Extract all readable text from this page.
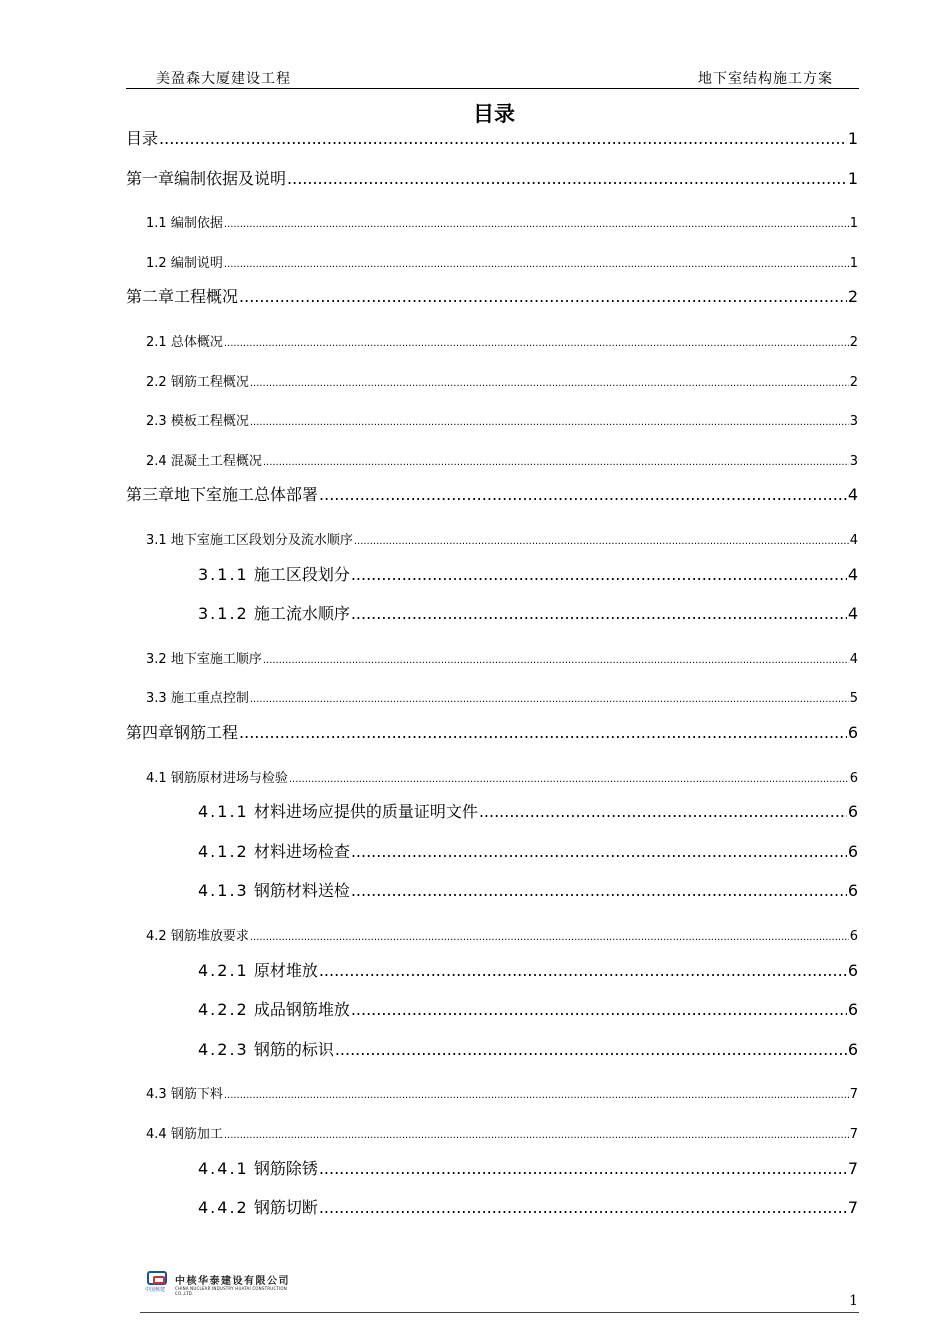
美盈森大厦建设工程	地下室结构施工方案
目录
目录 .....	1
第一章编制依据及说明 .....	1
1.1 编制依据 .....	1
1.2 编制说明 .....	1
第二章工程概况 .....	2
2.1 总体概况 .....	2
2.2 钢筋工程概况 .....	2
2.3 模板工程概况 .....	3
2.4 混凝土工程概况 .....	3
第三章地下室施工总体部署 .....	4
3.1 地下室施工区段划分及流水顺序 .....	4
3.1.1 施工区段划分 .....	4
3.1.2 施工流水顺序 .....	4
3.2 地下室施工顺序 .....	4
3.3 施工重点控制 .....	5
第四章钢筋工程 .....	6
4.1 钢筋原材进场与检验 .....	6
4.1.1 材料进场应提供的质量证明文件 .....	6
4.1.2 材料进场检查 .....	6
4.1.3 钢筋材料送检 .....	6
4.2 钢筋堆放要求 .....	6
4.2.1 原材堆放 .....	6
4.2.2 成品钢筋堆放 .....	6
4.2.3 钢筋的标识 .....	6
4.3 钢筋下料 .....	7
4.4 钢筋加工 .....	7
4.4.1 钢筋除锈 .....	7
4.4.2 钢筋切断 .....	7
中国核建
中核华泰建设有限公司
CHINA NUCLEAR INDUSTRY HUATAI CONSTRUCTION CO.,LTD.	1
